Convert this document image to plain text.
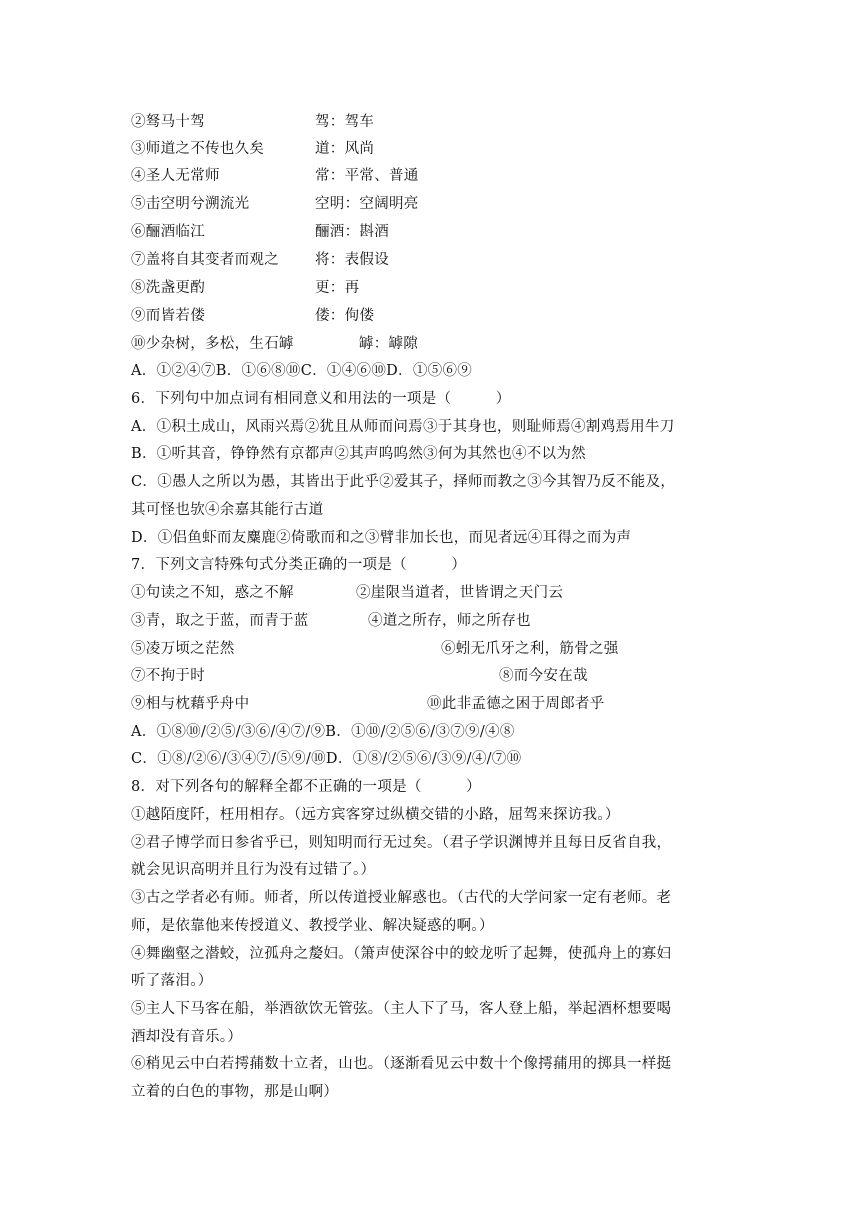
②驽马十驾	驾：驾车
③师道之不传也久矣	道：风尚
④圣人无常师	常：平常、普通
⑤击空明兮溯流光	空明：空阔明亮
⑥酾酒临江	酾酒：斟酒
⑦盖将自其变者而观之 将：表假设
⑧洗盏更酌	更：再
⑨而皆若偻	偻：佝偻
⑩少杂树，多松，生石罅	罅：罅隙
A．①②④⑦B．①⑥⑧⑩C．①④⑥⑩D．①⑤⑥⑨
6．下列句中加点词有相同意义和用法的一项是（　　　）
A．①积土成山，风雨兴焉②犹且从师而问焉③于其身也，则耻师焉④割鸡焉用牛刀
B．①听其音，铮铮然有京都声②其声呜呜然③何为其然也④不以为然
C．①愚人之所以为愚，其皆出于此乎②爱其子，择师而教之③今其智乃反不能及，
其可怪也欤④余嘉其能行古道
D．①侣鱼虾而友麋鹿②倚歌而和之③臂非加长也，而见者远④耳得之而为声
7．下列文言特殊句式分类正确的一项是（　　　）
①句读之不知，惑之不解	②崖限当道者，世皆谓之天门云
③青，取之于蓝，而青于蓝	④道之所存，师之所存也
⑤凌万顷之茫然	⑥蚓无爪牙之利，筋骨之强
⑦不拘于时	⑧而今安在哉
⑨相与枕藉乎舟中	⑩此非孟德之困于周郎者乎
A．①⑧⑩/②⑤/③⑥/④⑦/⑨B．①⑩/②⑤⑥/③⑦⑨/④⑧
C．①⑧/②⑥/③④⑦/⑤⑨/⑩D．①⑧/②⑤⑥/③⑨/④/⑦⑩
8．对下列各句的解释全都不正确的一项是（　　　）
①越陌度阡，枉用相存。（远方宾客穿过纵横交错的小路，屈驾来探访我。）
②君子博学而日参省乎已，则知明而行无过矣。（君子学识渊博并且每日反省自我，
就会见识高明并且行为没有过错了。）
③古之学者必有师。师者，所以传道授业解惑也。（古代的大学问家一定有老师。老
师，是依靠他来传授道义、教授学业、解决疑惑的啊。）
④舞幽壑之潜蛟，泣孤舟之嫠妇。（箫声使深谷中的蛟龙听了起舞，使孤舟上的寡妇
听了落泪。）
⑤主人下马客在船，举酒欲饮无管弦。（主人下了马，客人登上船，举起酒杯想要喝
酒却没有音乐。）
⑥稍见云中白若摴蒱数十立者，山也。（逐渐看见云中数十个像摴蒱用的掷具一样挺
立着的白色的事物，那是山啊）
